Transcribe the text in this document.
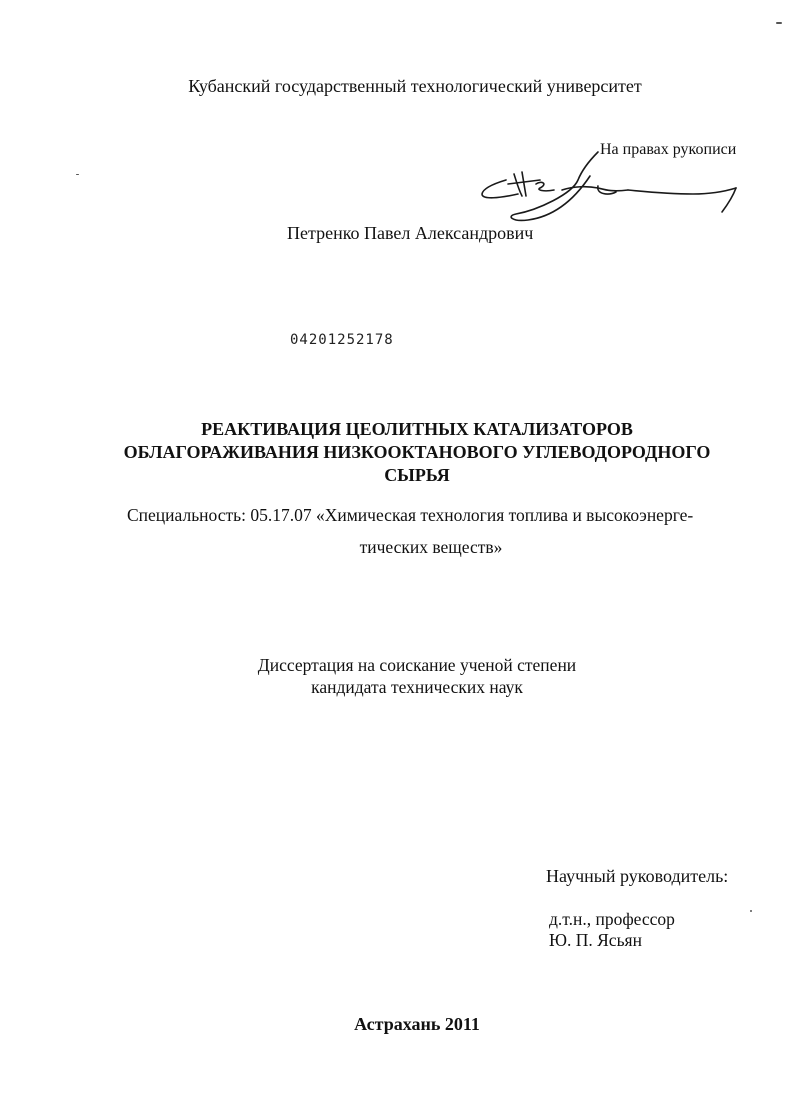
Кубанский государственный технологический университет
На правах рукописи
Петренко Павел Александрович
04201252178
РЕАКТИВАЦИЯ ЦЕОЛИТНЫХ КАТАЛИЗАТОРОВ
ОБЛАГОРАЖИВАНИЯ НИЗКООКТАНОВОГО УГЛЕВОДОРОДНОГО
СЫРЬЯ
Специальность: 05.17.07 «Химическая технология топлива и высокоэнерге-
тических веществ»
Диссертация на соискание ученой степени
кандидата технических наук
Научный руководитель:
д.т.н., профессор
Ю. П. Ясьян
Астрахань 2011
